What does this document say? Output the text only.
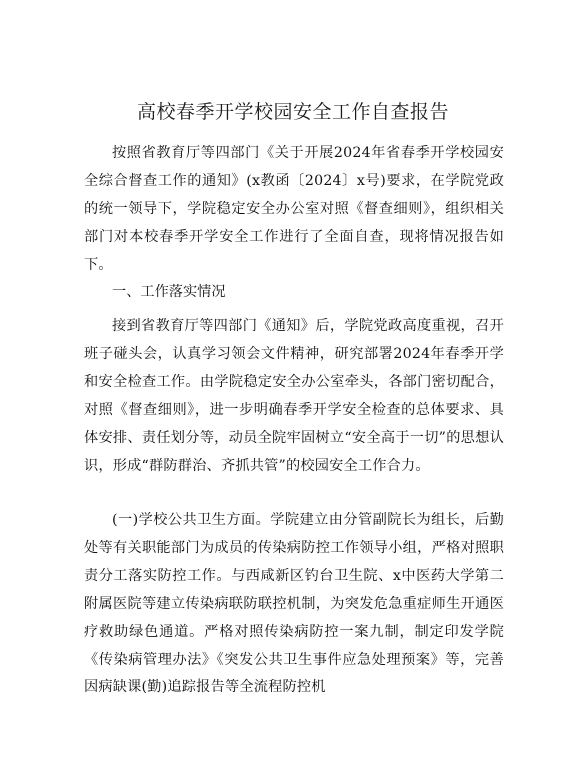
高校春季开学校园安全工作自查报告

按照省教育厅等四部门《关于开展2024年省春季开学校园安全综合督查工作的通知》(x教函〔2024〕x号)要求，在学院党政的统一领导下，学院稳定安全办公室对照《督查细则》，组织相关部门对本校春季开学安全工作进行了全面自查，现将情况报告如下。

一、工作落实情况

接到省教育厅等四部门《通知》后，学院党政高度重视，召开班子碰头会，认真学习领会文件精神，研究部署2024年春季开学和安全检查工作。由学院稳定安全办公室牵头，各部门密切配合，对照《督查细则》，进一步明确春季开学安全检查的总体要求、具体安排、责任划分等，动员全院牢固树立“安全高于一切”的思想认识，形成“群防群治、齐抓共管”的校园安全工作合力。

(一)学校公共卫生方面。学院建立由分管副院长为组长，后勤处等有关职能部门为成员的传染病防控工作领导小组，严格对照职责分工落实防控工作。与西咸新区钓台卫生院、x中医药大学第二附属医院等建立传染病联防联控机制，为突发危急重症师生开通医疗救助绿色通道。严格对照传染病防控一案九制，制定印发学院《传染病管理办法》《突发公共卫生事件应急处理预案》等，完善因病缺课(勤)追踪报告等全流程防控机
